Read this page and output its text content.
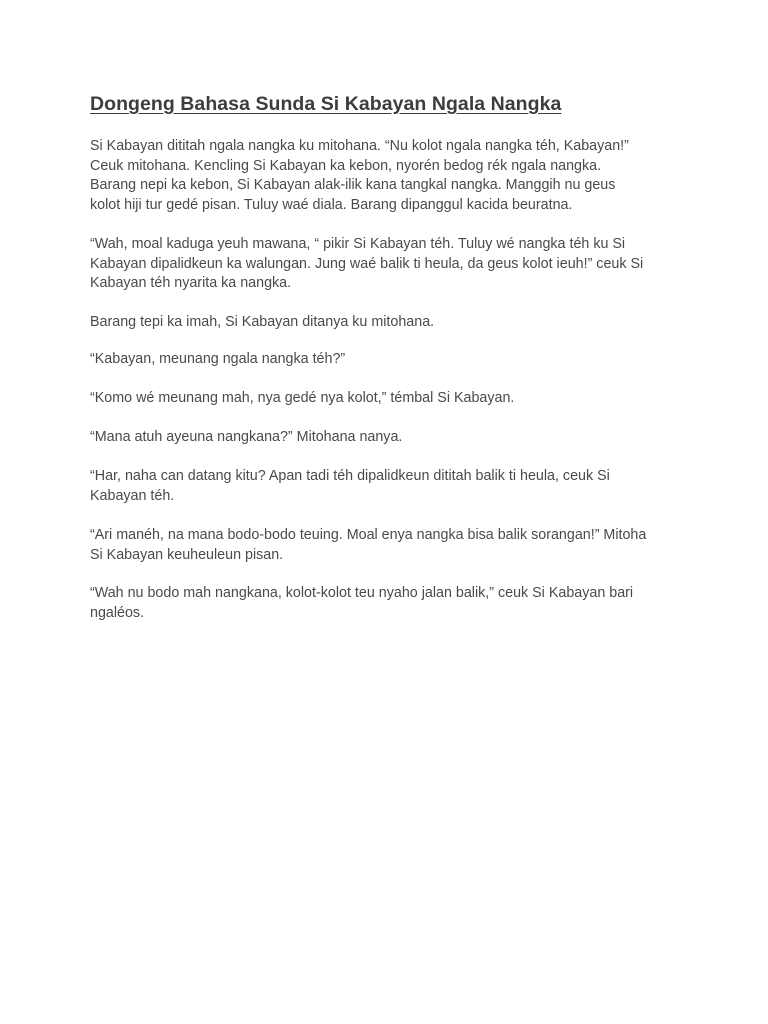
Dongeng Bahasa Sunda Si Kabayan Ngala Nangka

Si Kabayan dititah ngala nangka ku mitohana. “Nu kolot ngala nangka téh, Kabayan!”
Ceuk mitohana. Kencling Si Kabayan ka kebon, nyorén bedog rék ngala nangka.
Barang nepi ka kebon, Si Kabayan alak-ilik kana tangkal nangka. Manggih nu geus
kolot hiji tur gedé pisan. Tuluy waé diala. Barang dipanggul kacida beuratna.

“Wah, moal kaduga yeuh mawana, “ pikir Si Kabayan téh. Tuluy wé nangka téh ku Si
Kabayan dipalidkeun ka walungan. Jung waé balik ti heula, da geus kolot ieuh!” ceuk Si
Kabayan téh nyarita ka nangka.

Barang tepi ka imah, Si Kabayan ditanya ku mitohana.

“Kabayan, meunang ngala nangka téh?”

“Komo wé meunang mah, nya gedé nya kolot,” témbal Si Kabayan.

“Mana atuh ayeuna nangkana?” Mitohana nanya.

“Har, naha can datang kitu? Apan tadi téh dipalidkeun dititah balik ti heula, ceuk Si
Kabayan téh.

“Ari manéh, na mana bodo-bodo teuing. Moal enya nangka bisa balik sorangan!” Mitoha
Si Kabayan keuheuleun pisan.

“Wah nu bodo mah nangkana, kolot-kolot teu nyaho jalan balik,” ceuk Si Kabayan bari
ngaléos.
